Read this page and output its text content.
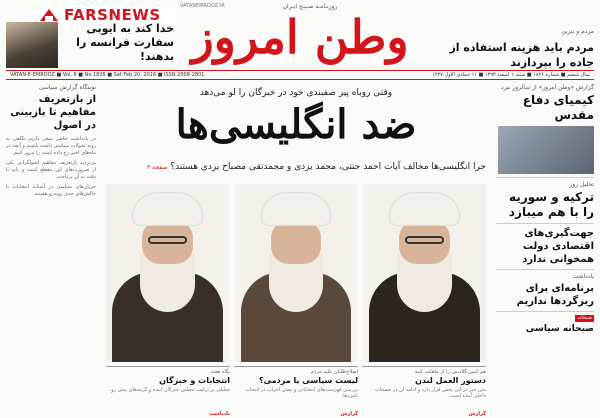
FARSNEWS	VATANEMROOZ.IR	روزنـامـه صـبـح ایـران
وطن امروز
خدا کند به ایوبی سفارت فرانسه را بدهند!
مردم و بنزین
مردم باید هزینه استفاده از جاده را بپردازند
سال ششم ■ شماره ۱۸۲۶ ■ شنبه ۱ اسفند ۱۳۹۴ ■ ۱۱ جمادی الاول ۱۴۳۷
VATAN-E-EMROOZ ■ Vol. 6 ■ No 1826 ■ Sat Feb 20. 2016 ■ ISSN 2008-2801
نوبنگاه گزارش سیاسی
از بازتعریف مفاهیم تا بازبینی در اصول

در یادداشت حاضر سعی داریم نگاهی به روند تحولات سیاسی داشته باشیم و آنچه در ماه‌های اخیر رخ داده است را مرور کنیم.

بی‌تردید بازتعریف مفاهیم اصولگرایی یکی از ضرورت‌های این مقطع است و باید با دقت به آن پرداخت.

جریان‌های سیاسی در آستانه انتخابات با چالش‌های جدی روبه‌رو هستند.

وقتی روباه پیر صفبندی خود در خبرگان را لو می‌دهد
ضد انگلیسی‌ها
جرا انگلیسی‌ها مخالف آیات احمد جنتی، محمد یزدی و محمدتقی مصباح یزدی هستند؟ صفحه ۳
هم کیس گلادیس را از ماهکت کنید
دستور العمل لندن
متن خبر در این بخش قرار دارد و ادامه آن در صفحات داخلی آمده است.
گزارش
اصلاح‌طلبان علیه مردم
لیست سیاسی یا مردمی؟
بررسی فهرست‌های انتخاباتی و نقش احزاب در انتخاب نامزدها.
گزارش
نگاه هفته
انتخابات و خبرگان
تحلیلی بر ترکیب مجلس خبرگان آینده و گزینه‌های پیش رو.
یادداشت
گزارش «وطن امروز» از سالروز نبرد
کیمیای دفاع مقدس
تحلیل روز
ترکیه و سوریه را با هم میبازد
جهت‌گیری‌های اقتصادی دولت همخوانی ندارد
یادداشت
برنامه‌ای برای ریزگردها نداریم
صبحانه
صبحانه سیاسی
